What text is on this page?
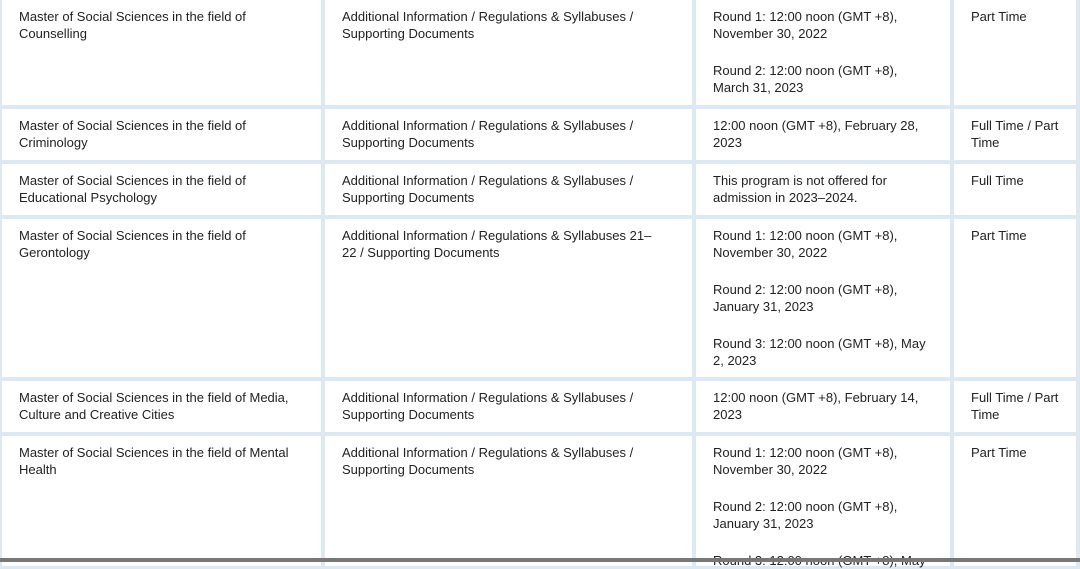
Master of Social Sciences in the field of Counselling
Additional Information / Regulations & Syllabuses / Supporting Documents
Round 1: 12:00 noon (GMT +8), November 30, 2022
Round 2: 12:00 noon (GMT +8), March 31, 2023
Part Time
Master of Social Sciences in the field of Criminology
Additional Information / Regulations & Syllabuses / Supporting Documents
12:00 noon (GMT +8), February 28, 2023
Full Time / Part Time
Master of Social Sciences in the field of Educational Psychology
Additional Information / Regulations & Syllabuses / Supporting Documents
This program is not offered for admission in 2023–2024.
Full Time
Master of Social Sciences in the field of Gerontology
Additional Information / Regulations & Syllabuses 21–22 / Supporting Documents
Round 1: 12:00 noon (GMT +8), November 30, 2022
Round 2: 12:00 noon (GMT +8), January 31, 2023
Round 3: 12:00 noon (GMT +8), May 2, 2023
Part Time
Master of Social Sciences in the field of Media, Culture and Creative Cities
Additional Information / Regulations & Syllabuses / Supporting Documents
12:00 noon (GMT +8), February 14, 2023
Full Time / Part Time
Master of Social Sciences in the field of Mental Health
Additional Information / Regulations & Syllabuses / Supporting Documents
Round 1: 12:00 noon (GMT +8), November 30, 2022
Round 2: 12:00 noon (GMT +8), January 31, 2023
Part Time
